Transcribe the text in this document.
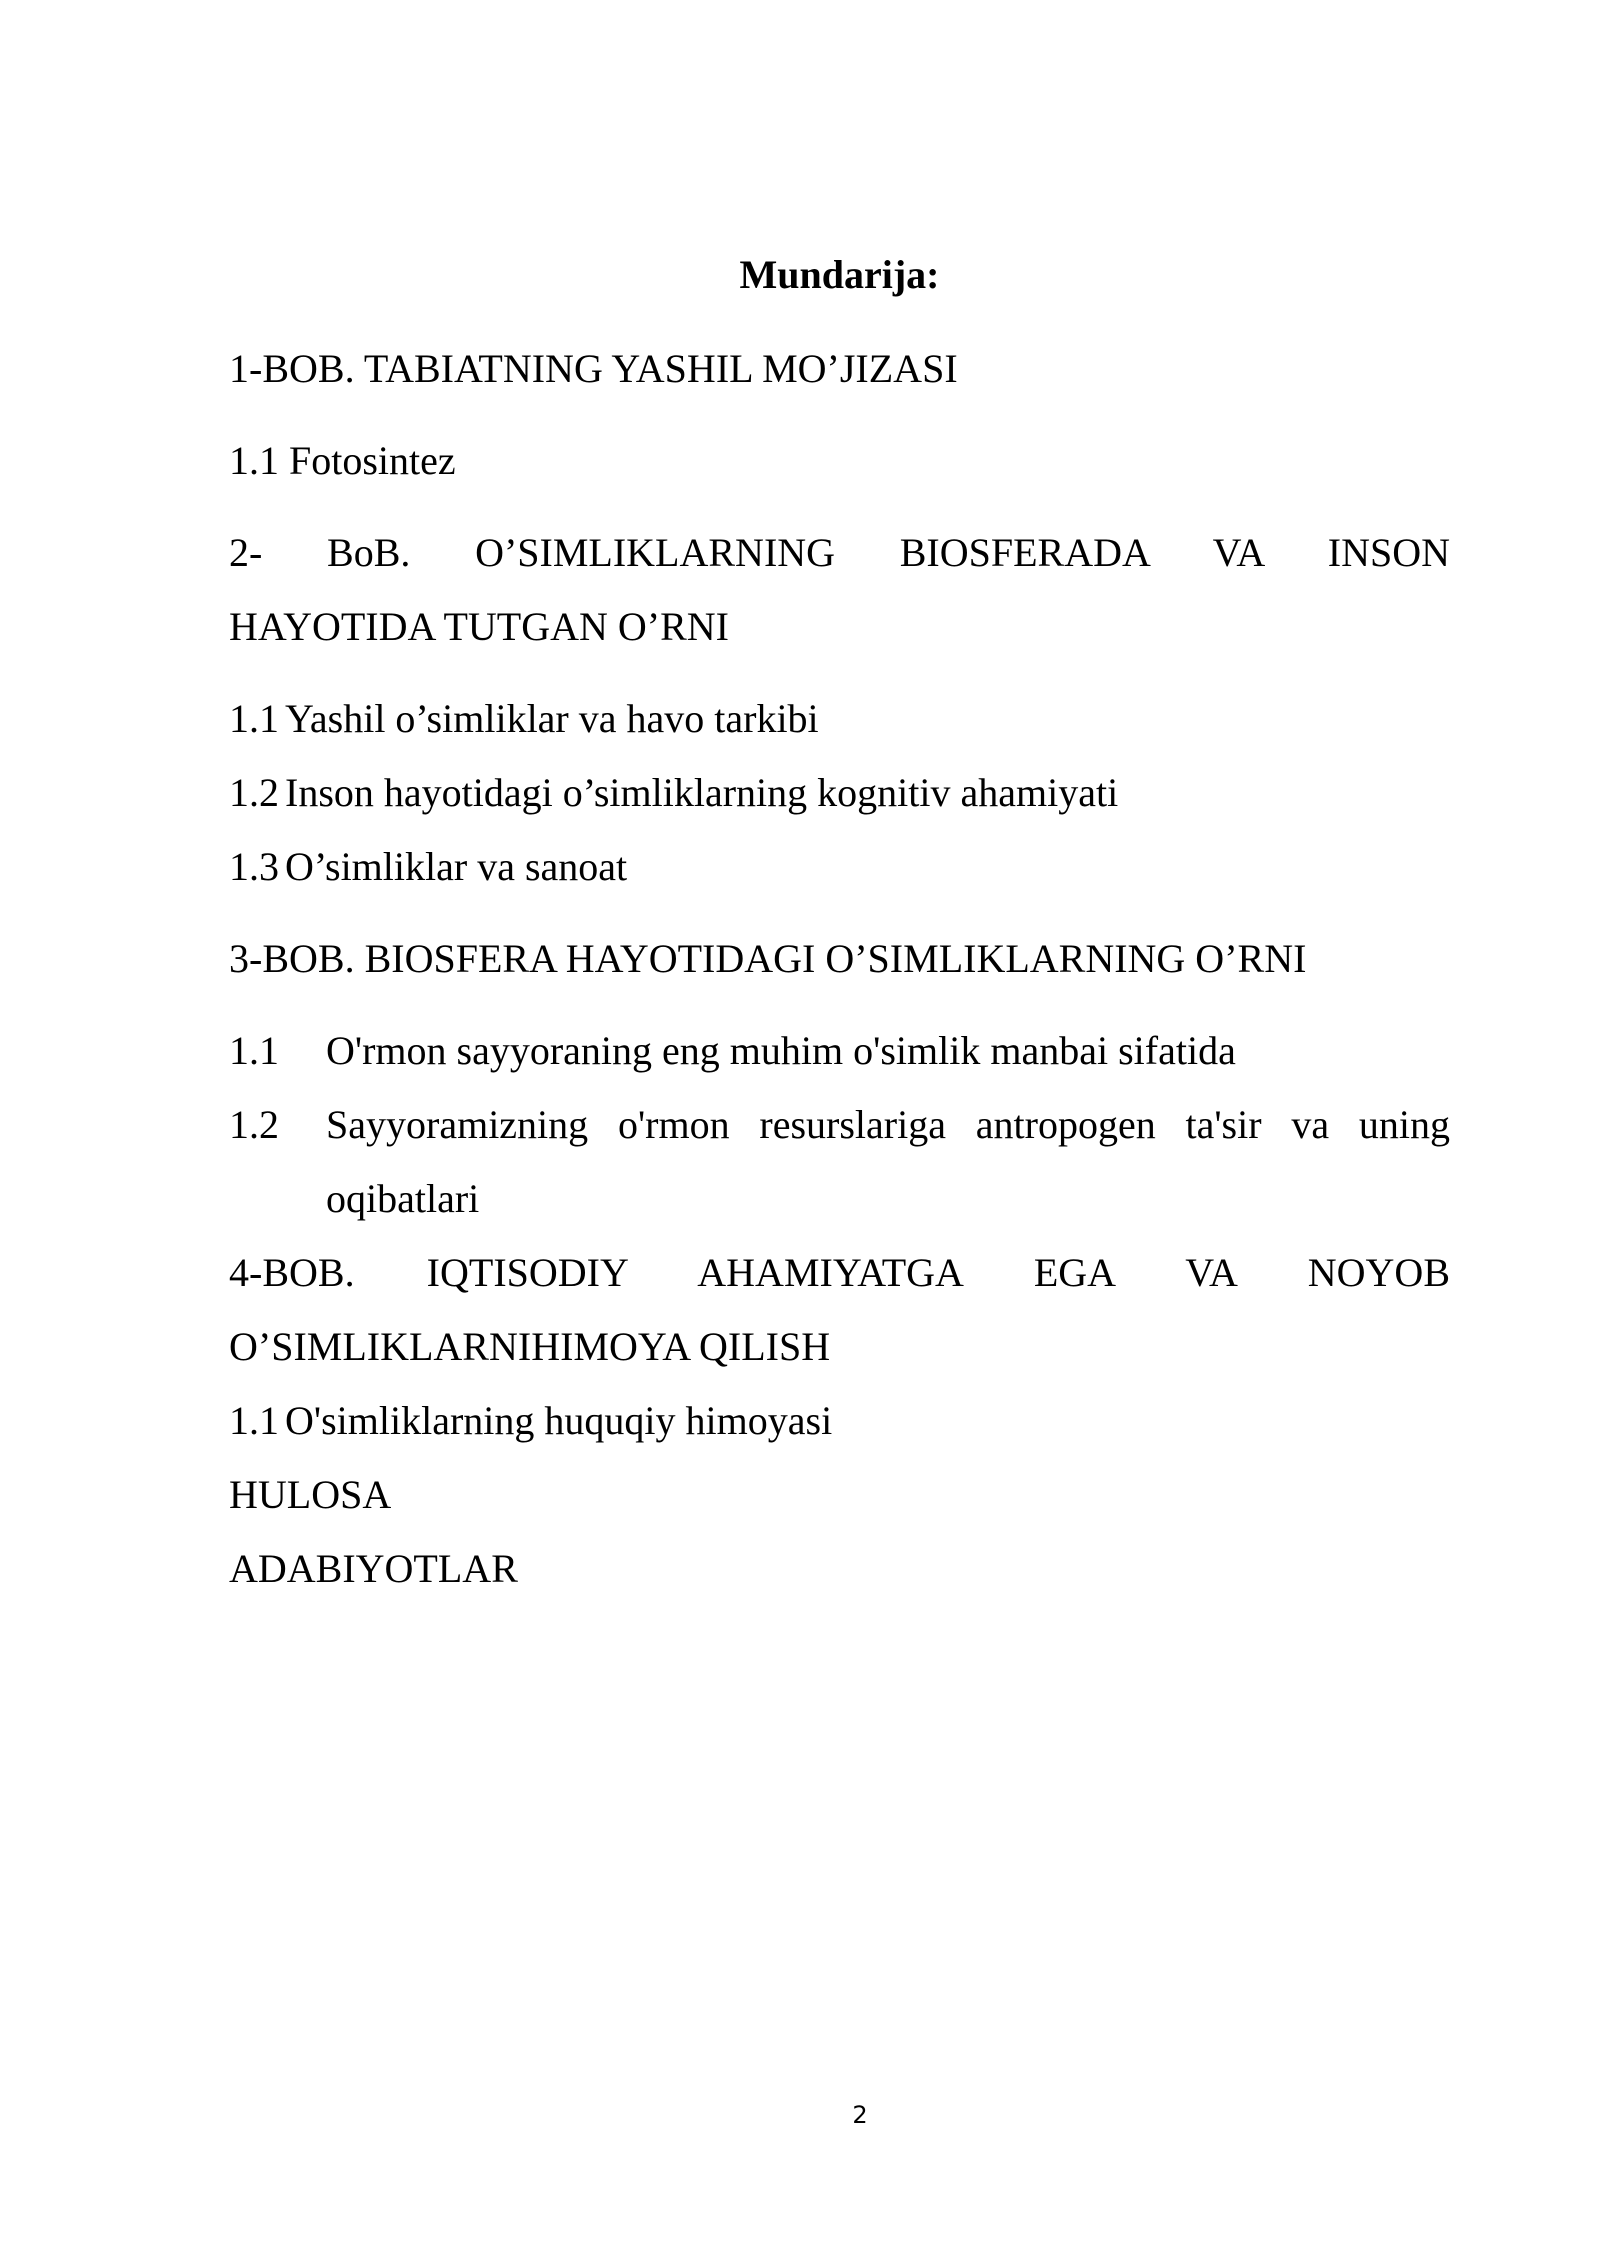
Mundarija:
1-BOB. TABIATNING YASHIL MO’JIZASI
1.1 Fotosintez
2- BoB. O’SIMLIKLARNING BIOSFERADA VA INSON
HAYOTIDA TUTGAN O’RNI
1.1 Yashil o’simliklar va havo tarkibi
1.2 Inson hayotidagi o’simliklarning kognitiv ahamiyati
1.3 O’simliklar va sanoat
3-BOB. BIOSFERA HAYOTIDAGI O’SIMLIKLARNING O’RNI
1.1	O'rmon sayyoraning eng muhim o'simlik manbai sifatida
1.2	Sayyoramizning o'rmon resurslariga antropogen ta'sir va uning
oqibatlari
4-BOB. IQTISODIY AHAMIYATGA EGA VA NOYOB
O’SIMLIKLARNIHIMOYA QILISH
1.1 O'simliklarning huquqiy himoyasi
HULOSA
ADABIYOTLAR
2
